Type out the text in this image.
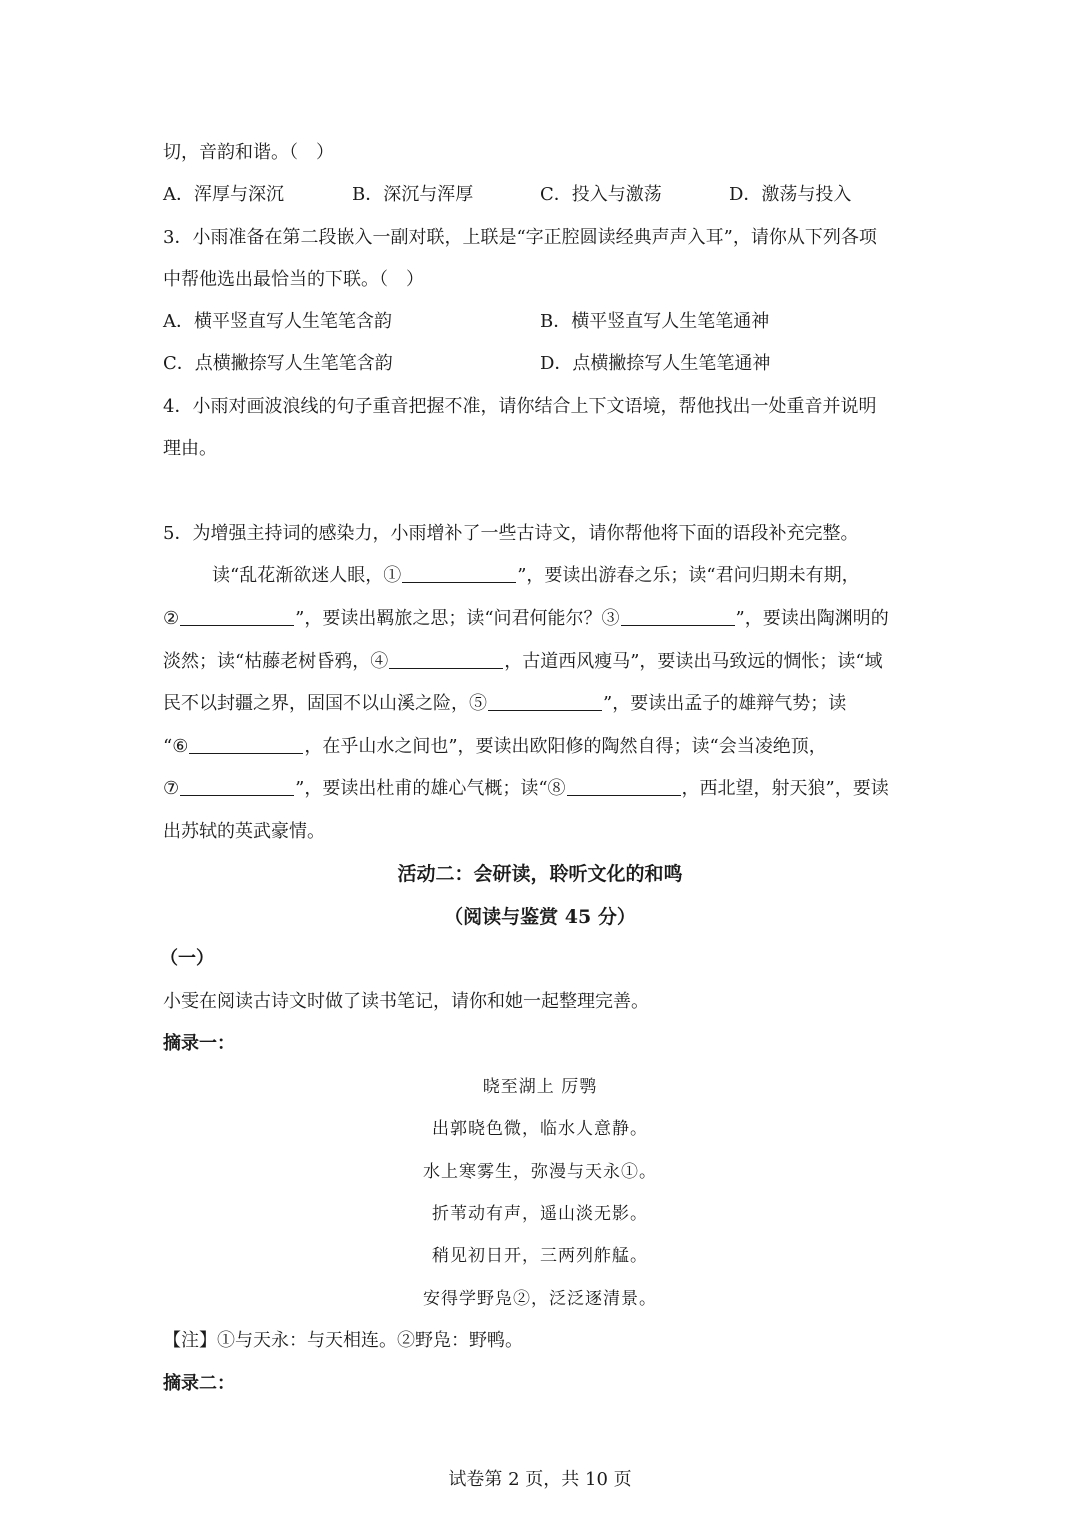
切，音韵和谐。（　）
A．浑厚与深沉	B．深沉与浑厚	C．投入与激荡	D．激荡与投入
3．小雨准备在第二段嵌入一副对联，上联是“字正腔圆读经典声声入耳”，请你从下列各项
中帮他选出最恰当的下联。（　）
A．横平竖直写人生笔笔含韵	B．横平竖直写人生笔笔通神
C．点横撇捺写人生笔笔含韵	D．点横撇捺写人生笔笔通神
4．小雨对画波浪线的句子重音把握不准，请你结合上下文语境，帮他找出一处重音并说明
理由。
5．为增强主持词的感染力，小雨增补了一些古诗文，请你帮他将下面的语段补充完整。
读“乱花渐欲迷人眼，①	”，要读出游春之乐；读“君问归期未有期，
②	”，要读出羁旅之思；读“问君何能尔？③	”，要读出陶渊明的
淡然；读“枯藤老树昏鸦，④	，古道西风瘦马”，要读出马致远的惆怅；读“域
民不以封疆之界，固国不以山溪之险，⑤	”，要读出孟子的雄辩气势；读
“⑥	，在乎山水之间也”，要读出欧阳修的陶然自得；读“会当凌绝顶，
⑦	”，要读出杜甫的雄心气概；读“⑧	，西北望，射天狼”，要读
出苏轼的英武豪情。
活动二：会研读，聆听文化的和鸣
（阅读与鉴赏 45 分）
（一）
小雯在阅读古诗文时做了读书笔记，请你和她一起整理完善。
摘录一：
晓至湖上 厉鹗
出郭晓色微，临水人意静。
水上寒雾生，弥漫与天永①。
折苇动有声，遥山淡无影。
稍见初日开，三两列舴艋。
安得学野凫②，泛泛逐清景。
【注】①与天永：与天相连。②野凫：野鸭。
摘录二：
试卷第 2 页，共 10 页
